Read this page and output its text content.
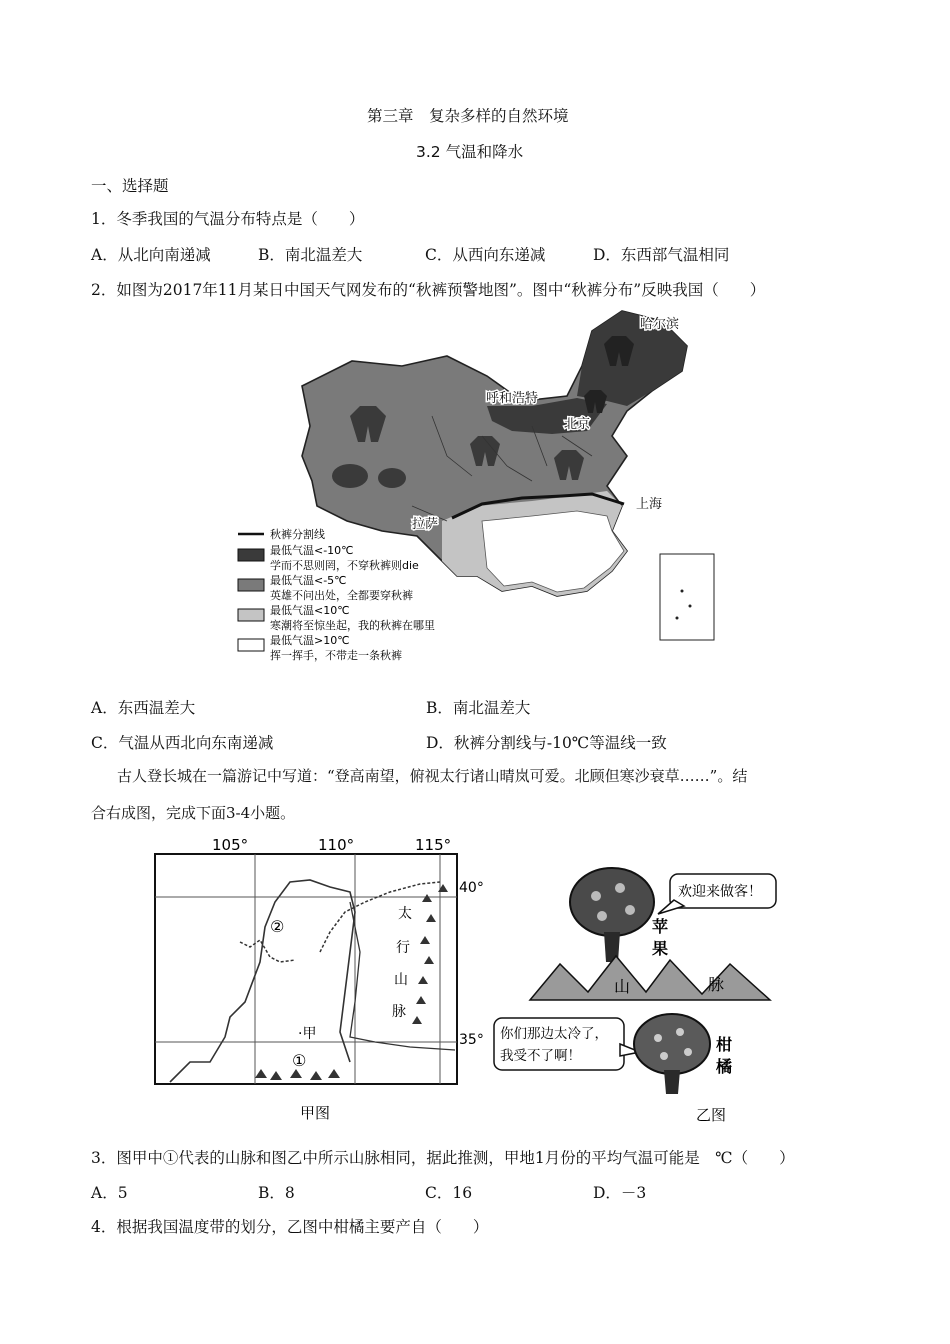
第三章　复杂多样的自然环境
3.2 气温和降水
一、选择题
1．冬季我国的气温分布特点是（　　）
A．从北向南递减	B．南北温差大	C．从西向东递减	D．东西部气温相同
2．如图为2017年11月某日中国天气网发布的“秋裤预警地图”。图中“秋裤分布”反映我国（　　）
秋裤分割线
最低气温<-10℃
学而不思则罔，不穿秋裤则die
最低气温<-5℃
英雄不问出处，全都要穿秋裤
最低气温<10℃
寒潮将至惊坐起，我的秋裤在哪里
最低气温>10℃
挥一挥手，不带走一条秋裤
哈尔滨
呼和浩特
北京
上海
拉萨
A．东西温差大	B．南北温差大
C．气温从西北向东南递减	D．秋裤分割线与-10℃等温线一致
古人登长城在一篇游记中写道：“登高南望，俯视太行诸山晴岚可爱。北顾但寒沙衰草……”。结
合右成图，完成下面3-4小题。
105°	110°	115°
40°
35°
太
行
山
脉
①
②
·甲
甲图
苹
果
欢迎来做客！
山	脉
你们那边太冷了，
我受不了啊！
柑
橘
乙图
3．图甲中①代表的山脉和图乙中所示山脉相同，据此推测，甲地1月份的平均气温可能是　℃（　　）
A．5	B．8	C．16	D．－3
4．根据我国温度带的划分，乙图中柑橘主要产自（　　）
